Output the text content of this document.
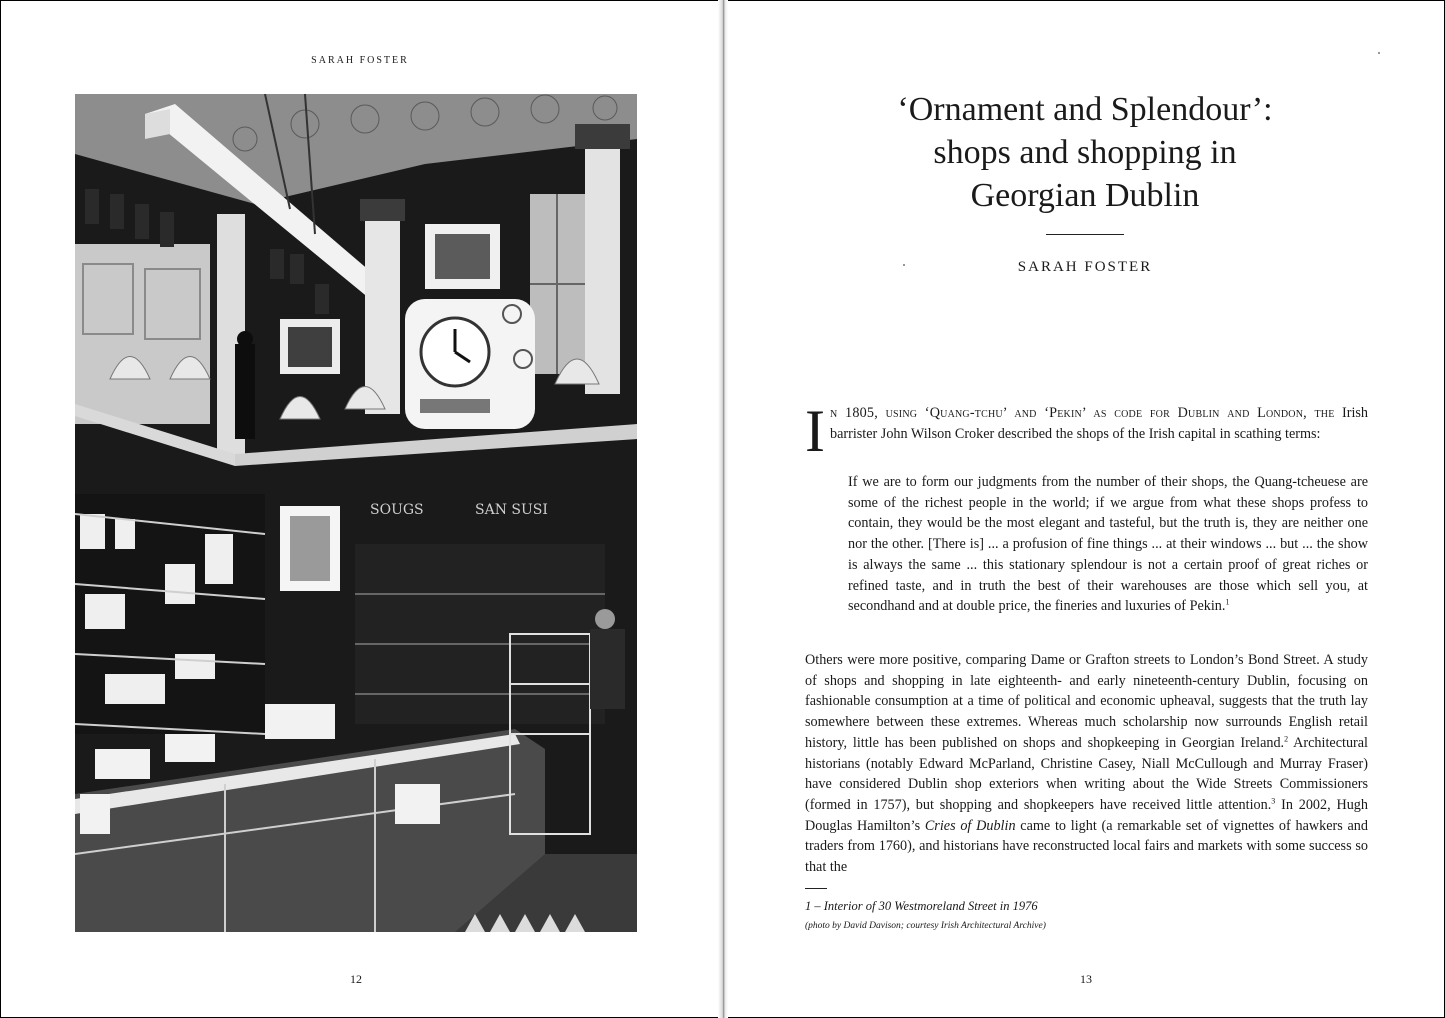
SARAH FOSTER
SOUGS	SAN SUSI
12
‘Ornament and Splendour’:
shops and shopping in
Georgian Dublin
SARAH FOSTER
In 1805, using ‘Quang-tchu’ and ‘Pekin’ as code for Dublin and London, the Irish barrister John Wilson Croker described the shops of the Irish capital in scathing terms:
If we are to form our judgments from the number of their shops, the Quang-tcheuese are some of the richest people in the world; if we argue from what these shops profess to contain, they would be the most elegant and tasteful, but the truth is, they are neither one nor the other. [There is] ... a profusion of fine things ... at their windows ... but ... the show is always the same ... this stationary splendour is not a certain proof of great riches or refined taste, and in truth the best of their warehouses are those which sell you, at secondhand and at double price, the fineries and luxuries of Pekin.$^1$
Others were more positive, comparing Dame or Grafton streets to London’s Bond Street. A study of shops and shopping in late eighteenth- and early nineteenth-century Dublin, focusing on fashionable consumption at a time of political and economic upheaval, suggests that the truth lay somewhere between these extremes. Whereas much scholarship now surrounds English retail history, little has been published on shops and shopkeeping in Georgian Ireland.$^2$ Architectural historians (notably Edward McParland, Christine Casey, Niall McCullough and Murray Fraser) have considered Dublin shop exteriors when writing about the Wide Streets Commissioners (formed in 1757), but shopping and shopkeepers have received little attention.$^3$ In 2002, Hugh Douglas Hamilton’s Cries of Dublin came to light (a remarkable set of vignettes of hawkers and traders from 1760), and historians have reconstructed local fairs and markets with some success so that the
1 – Interior of 30 Westmoreland Street in 1976
(photo by David Davison; courtesy Irish Architectural Archive)
13
